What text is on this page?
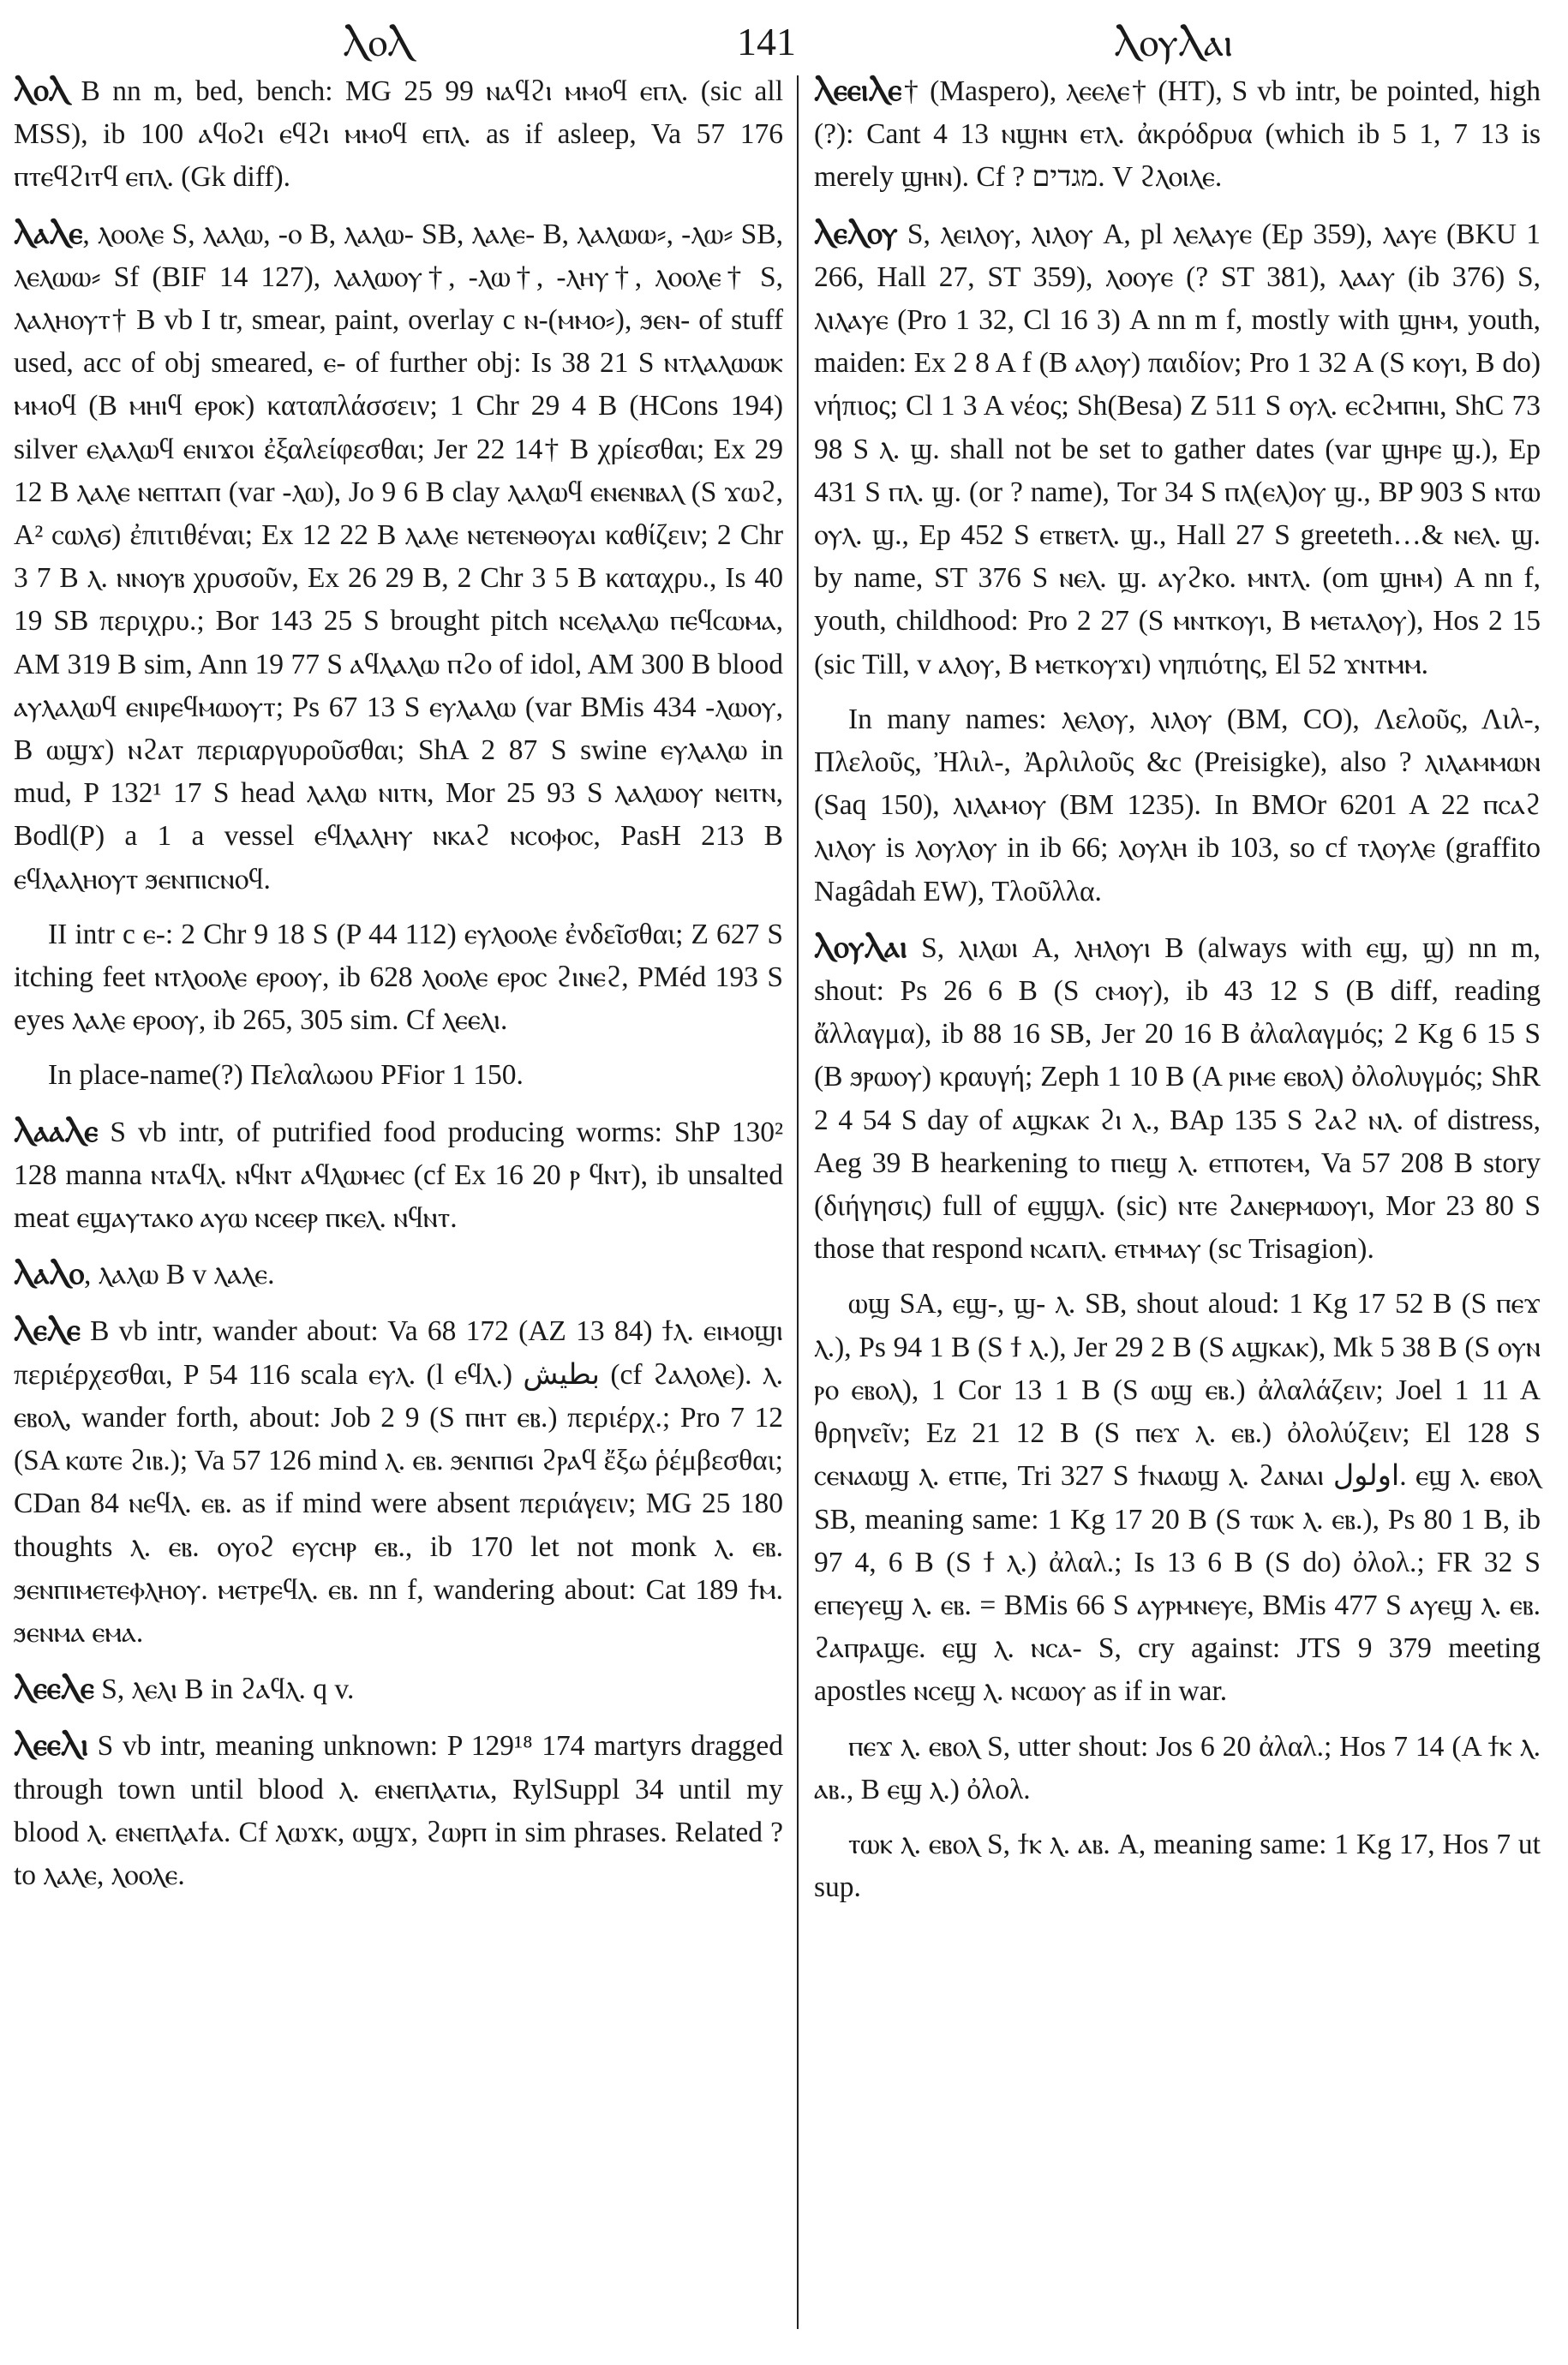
ⲖⲟⲖ	141	ⲖⲟⲩⲖⲁⲓ

ⲖⲟⲖ B nn m, bed, bench: MG 25 99 ⲛⲁϥϩⲓ ⲙⲙⲟϥ ⲉⲡⲗ. (sic all MSS), ib 100 ⲁϥⲟϩⲓ ⲉϥϩⲓ ⲙⲙⲟϥ ⲉⲡⲗ. as if asleep, Va 57 176 ⲡⲧⲉϥϩⲓⲧϥ ⲉⲡⲗ. (Gk diff).

ⲖⲁⲖⲉ, ⲗⲟⲟⲗⲉ S, ⲗⲁⲗⲱ, -ⲟ B, ⲗⲁⲗⲱ- SB, ⲗⲁⲗⲉ- B, ⲗⲁⲗⲱⲱ⸗, -ⲗⲱ⸗ SB, ⲗⲉⲗⲱⲱ⸗ Sf (BIF 14 127), ⲗⲁⲗⲱⲟⲩ†, -ⲗⲱ†, -ⲗⲏⲩ†, ⲗⲟⲟⲗⲉ† S, ⲗⲁⲗⲏⲟⲩⲧ† B vb I tr, smear, paint, overlay c ⲛ-(ⲙⲙⲟ⸗), ϧⲉⲛ- of stuff used, acc of obj smeared, ⲉ- of further obj: Is 38 21 S ⲛⲧⲗⲁⲗⲱⲱⲕ ⲙⲙⲟϥ (B ⲙⲏⲓϥ ⲉⲣⲟⲕ) καταπλάσσειν; 1 Chr 29 4 B (HCons 194) silver ⲉⲗⲁⲗⲱϥ ⲉⲛⲓϫⲟⲓ ἐξαλείφεσθαι; Jer 22 14† B χρίεσθαι; Ex 29 12 B ⲗⲁⲗⲉ ⲛⲉⲡⲧⲁⲡ (var -ⲗⲱ), Jo 9 6 B clay ⲗⲁⲗⲱϥ ⲉⲛⲉⲛⲃⲁⲗ (S ϫⲱϩ, A² ⲥⲱⲗϭ) ἐπιτιθέναι; Ex 12 22 B ⲗⲁⲗⲉ ⲛⲉⲧⲉⲛⲑⲟⲩⲁⲓ καθίζειν; 2 Chr 3 7 B ⲗ. ⲛⲛⲟⲩⲃ χρυσοῦν, Ex 26 29 B, 2 Chr 3 5 B καταχρυ., Is 40 19 SB περιχρυ.; Bor 143 25 S brought pitch ⲛⲥⲉⲗⲁⲗⲱ ⲡⲉϥⲥⲱⲙⲁ, AM 319 B sim, Ann 19 77 S ⲁϥⲗⲁⲗⲱ ⲡϩⲟ of idol, AM 300 B blood ⲁⲩⲗⲁⲗⲱϥ ⲉⲛⲓⲣⲉϥⲙⲱⲟⲩⲧ; Ps 67 13 S ⲉⲩⲗⲁⲗⲱ (var BMis 434 -ⲗⲱⲟⲩ, B ⲱϣϫ) ⲛϩⲁⲧ περιαργυροῦσθαι; ShA 2 87 S swine ⲉⲩⲗⲁⲗⲱ in mud, P 132¹ 17 S head ⲗⲁⲗⲱ ⲛⲓⲧⲛ, Mor 25 93 S ⲗⲁⲗⲱⲟⲩ ⲛⲉⲓⲧⲛ, Bodl(P) a 1 a vessel ⲉϥⲗⲁⲗⲏⲩ ⲛⲕⲁϩ ⲛⲥⲟⲫⲟⲥ, PasH 213 B ⲉϥⲗⲁⲗⲏⲟⲩⲧ ϧⲉⲛⲡⲓⲥⲛⲟϥ.

II intr c ⲉ-: 2 Chr 9 18 S (P 44 112) ⲉⲩⲗⲟⲟⲗⲉ ἐνδεῖσθαι; Z 627 S itching feet ⲛⲧⲗⲟⲟⲗⲉ ⲉⲣⲟⲟⲩ, ib 628 ⲗⲟⲟⲗⲉ ⲉⲣⲟⲥ ϩⲓⲛⲉϩ, PMéd 193 S eyes ⲗⲁⲗⲉ ⲉⲣⲟⲟⲩ, ib 265, 305 sim. Cf ⲗⲉⲉⲗⲓ.

In place-name(?) Πελαλωου PFior 1 150.

ⲖⲁⲁⲖⲉ S vb intr, of putrified food producing worms: ShP 130² 128 manna ⲛⲧⲁϥⲗ. ⲛϥⲛⲧ ⲁϥⲗⲱⲙⲉⲥ (cf Ex 16 20 ⲣ ϥⲛⲧ), ib unsalted meat ⲉϣⲁⲩⲧⲁⲕⲟ ⲁⲩⲱ ⲛⲥⲉⲉⲣ ⲡⲕⲉⲗ. ⲛϥⲛⲧ.

ⲖⲁⲖⲟ, ⲗⲁⲗⲱ B v ⲗⲁⲗⲉ.

ⲖⲉⲖⲉ B vb intr, wander about: Va 68 172 (AZ 13 84) ϯⲗ. ⲉⲓⲙⲟϣⲓ περιέρχεσθαι, P 54 116 scala ⲉⲩⲗ. (l ⲉϥⲗ.) بطيش (cf ϩⲁⲗⲟⲗⲉ). ⲗ. ⲉⲃⲟⲗ, wander forth, about: Job 2 9 (S ⲡⲏⲧ ⲉⲃ.) περιέρχ.; Pro 7 12 (SA ⲕⲱⲧⲉ ϩⲓⲃ.); Va 57 126 mind ⲗ. ⲉⲃ. ϧⲉⲛⲡⲓϭⲓ ϩⲣⲁϥ ἔξω ῥέμβεσθαι; CDan 84 ⲛⲉϥⲗ. ⲉⲃ. as if mind were absent περιάγειν; MG 25 180 thoughts ⲗ. ⲉⲃ. ⲟⲩⲟϩ ⲉⲩⲥⲏⲣ ⲉⲃ., ib 170 let not monk ⲗ. ⲉⲃ. ϧⲉⲛⲡⲓⲙⲉⲧⲉⲫⲗⲏⲟⲩ. ⲙⲉⲧⲣⲉϥⲗ. ⲉⲃ. nn f, wandering about: Cat 189 ϯⲙ. ϧⲉⲛⲙⲁ ⲉⲙⲁ.

ⲖⲉⲉⲖⲉ S, ⲗⲉⲗⲓ B in ϩⲁϥⲗ. q v.

ⲖⲉⲉⲖⲓ S vb intr, meaning unknown: P 129¹⁸ 174 martyrs dragged through town until blood ⲗ. ⲉⲛⲉⲡⲗⲁⲧⲓⲁ, RylSuppl 34 until my blood ⲗ. ⲉⲛⲉⲡⲗⲁϯⲁ. Cf ⲗⲱϫⲕ, ⲱϣϫ, ϩⲱⲣⲡ in sim phrases. Related ? to ⲗⲁⲗⲉ, ⲗⲟⲟⲗⲉ.

ⲖⲉⲉⲓⲖⲉ† (Maspero), ⲗⲉⲉⲗⲉ† (HT), S vb intr, be pointed, high (?): Cant 4 13 ⲛϣⲏⲛ ⲉⲧⲗ. ἀκρόδρυα (which ib 5 1, 7 13 is merely ϣⲏⲛ). Cf ? מגדים. V ϩⲗⲟⲓⲗⲉ.

ⲖⲉⲖⲟⲩ S, ⲗⲉⲓⲗⲟⲩ, ⲗⲓⲗⲟⲩ A, pl ⲗⲉⲗⲁⲩⲉ (Ep 359), ⲗⲁⲩⲉ (BKU 1 266, Hall 27, ST 359), ⲗⲟⲟⲩⲉ (? ST 381), ⲗⲁⲁⲩ (ib 376) S, ⲗⲓⲗⲁⲩⲉ (Pro 1 32, Cl 16 3) A nn m f, mostly with ϣⲏⲙ, youth, maiden: Ex 2 8 A f (B ⲁⲗⲟⲩ) παιδίον; Pro 1 32 A (S ⲕⲟⲩⲓ, B do) νήπιος; Cl 1 3 A νέος; Sh(Besa) Z 511 S ⲟⲩⲗ. ⲉⲥϩⲙⲡⲏⲓ, ShC 73 98 S ⲗ. ϣ. shall not be set to gather dates (var ϣⲏⲣⲉ ϣ.), Ep 431 S ⲡⲗ. ϣ. (or ? name), Tor 34 S ⲡⲗ(ⲉⲗ)ⲟⲩ ϣ., BP 903 S ⲛⲧⲱ ⲟⲩⲗ. ϣ., Ep 452 S ⲉⲧⲃⲉⲧⲗ. ϣ., Hall 27 S greeteth…& ⲛⲉⲗ. ϣ. by name, ST 376 S ⲛⲉⲗ. ϣ. ⲁⲩϩⲕⲟ. ⲙⲛⲧⲗ. (om ϣⲏⲙ) A nn f, youth, childhood: Pro 2 27 (S ⲙⲛⲧⲕⲟⲩⲓ, B ⲙⲉⲧⲁⲗⲟⲩ), Hos 2 15 (sic Till, v ⲁⲗⲟⲩ, B ⲙⲉⲧⲕⲟⲩϫⲓ) νηπιότης, El 52 ϫⲛⲧⲙⲙ.

In many names: ⲗⲉⲗⲟⲩ, ⲗⲓⲗⲟⲩ (BM, CO), Λελοῦς, Λιλ-, Πλελοῦς, Ἠλιλ-, Ἀρλιλοῦς &c (Preisigke), also ? ⲗⲓⲗⲁⲙⲙⲱⲛ (Saq 150), ⲗⲓⲗⲁⲙⲟⲩ (BM 1235). In BMOr 6201 A 22 ⲡⲥⲁϩ ⲗⲓⲗⲟⲩ is ⲗⲟⲩⲗⲟⲩ in ib 66; ⲗⲟⲩⲗⲏ ib 103, so cf ⲧⲗⲟⲩⲗⲉ (graffito Nagâdah EW), Τλοῦλλα.

ⲖⲟⲩⲖⲁⲓ S, ⲗⲓⲗⲱⲓ A, ⲗⲏⲗⲟⲩⲓ B (always with ⲉϣ, ϣ) nn m, shout: Ps 26 6 B (S ⲥⲙⲟⲩ), ib 43 12 S (B diff, reading ἄλλαγμα), ib 88 16 SB, Jer 20 16 B ἀλαλαγμός; 2 Kg 6 15 S (B ϧⲣⲱⲟⲩ) κραυγή; Zeph 1 10 B (A ⲣⲓⲙⲉ ⲉⲃⲟⲗ) ὀλολυγμός; ShR 2 4 54 S day of ⲁϣⲕⲁⲕ ϩⲓ ⲗ., BAp 135 S ϩⲁϩ ⲛⲗ. of distress, Aeg 39 B hearkening to ⲡⲓⲉϣ ⲗ. ⲉⲧⲡⲟⲧⲉⲙ, Va 57 208 B story (διήγησις) full of ⲉϣϣⲗ. (sic) ⲛⲧⲉ ϩⲁⲛⲉⲣⲙⲱⲟⲩⲓ, Mor 23 80 S those that respond ⲛⲥⲁⲡⲗ. ⲉⲧⲙⲙⲁⲩ (sc Trisagion).

ⲱϣ SA, ⲉϣ-, ϣ- ⲗ. SB, shout aloud: 1 Kg 17 52 B (S ⲡⲉϫ ⲗ.), Ps 94 1 B (S ϯ ⲗ.), Jer 29 2 B (S ⲁϣⲕⲁⲕ), Mk 5 38 B (S ⲟⲩⲛ ⲣⲟ ⲉⲃⲟⲗ), 1 Cor 13 1 B (S ⲱϣ ⲉⲃ.) ἀλαλάζειν; Joel 1 11 A θρηνεῖν; Ez 21 12 B (S ⲡⲉϫ ⲗ. ⲉⲃ.) ὀλολύζειν; El 128 S ⲥⲉⲛⲁⲱϣ ⲗ. ⲉⲧⲡⲉ, Tri 327 S ϯⲛⲁⲱϣ ⲗ. ϩⲁⲛⲁⲓ اولول. ⲉϣ ⲗ. ⲉⲃⲟⲗ SB, meaning same: 1 Kg 17 20 B (S ⲧⲱⲕ ⲗ. ⲉⲃ.), Ps 80 1 B, ib 97 4, 6 B (S ϯ ⲗ.) ἀλαλ.; Is 13 6 B (S do) ὀλολ.; FR 32 S ⲉⲡⲉⲩⲉϣ ⲗ. ⲉⲃ. = BMis 66 S ⲁⲩⲣⲙⲛⲉⲩⲉ, BMis 477 S ⲁⲩⲉϣ ⲗ. ⲉⲃ. ϩⲁⲡⲣⲁϣⲉ. ⲉϣ ⲗ. ⲛⲥⲁ- S, cry against: JTS 9 379 meeting apostles ⲛⲥⲉϣ ⲗ. ⲛⲥⲱⲟⲩ as if in war.

ⲡⲉϫ ⲗ. ⲉⲃⲟⲗ S, utter shout: Jos 6 20 ἀλαλ.; Hos 7 14 (A ϯⲕ ⲗ. ⲁⲃ., B ⲉϣ ⲗ.) ὀλολ.

ⲧⲱⲕ ⲗ. ⲉⲃⲟⲗ S, ϯⲕ ⲗ. ⲁⲃ. A, meaning same: 1 Kg 17, Hos 7 ut sup.
